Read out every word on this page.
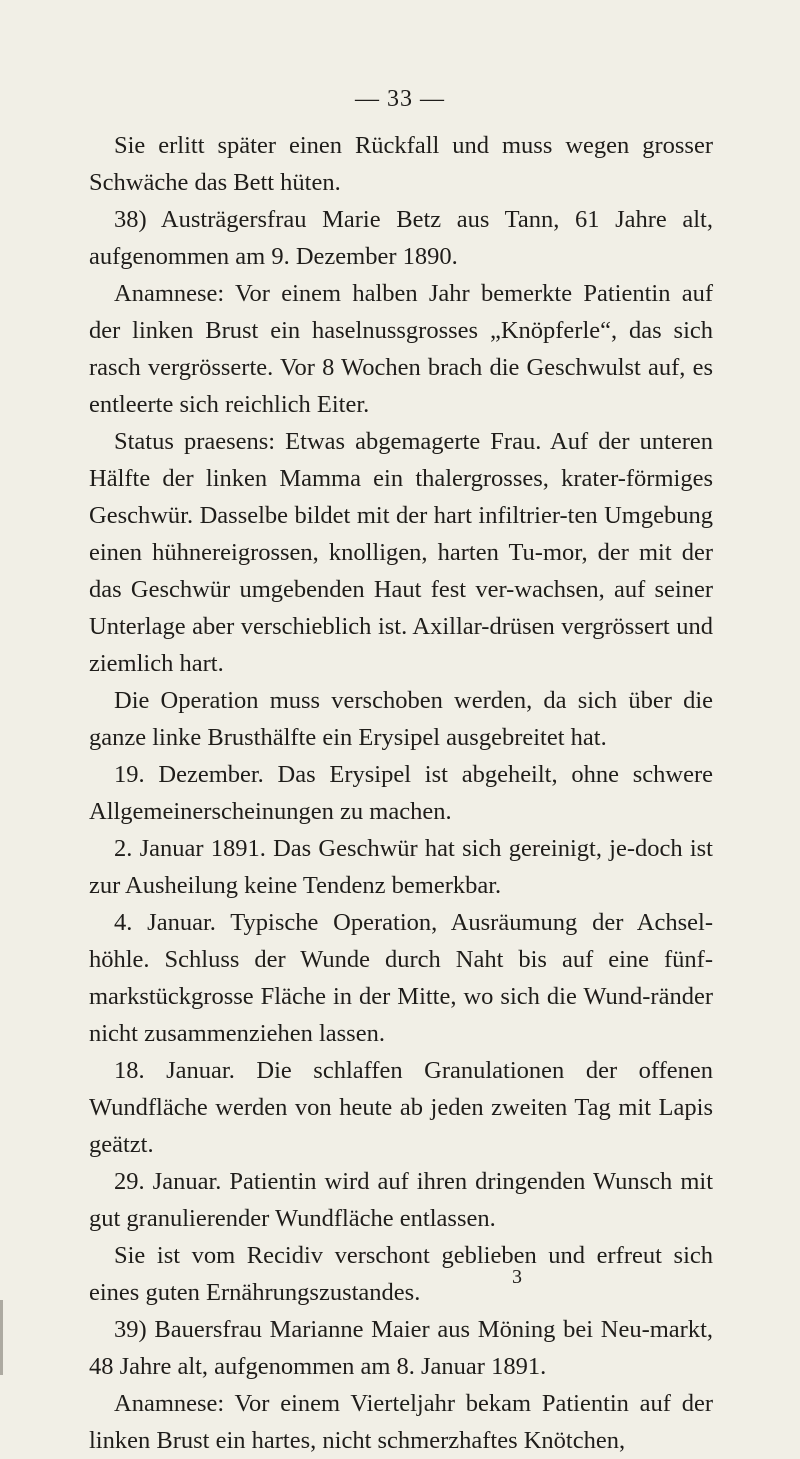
— 33 —

Sie erlitt später einen Rückfall und muss wegen grosser Schwäche das Bett hüten.

38) Austrägersfrau Marie Betz aus Tann, 61 Jahre alt, aufgenommen am 9. Dezember 1890.

Anamnese: Vor einem halben Jahr bemerkte Patientin auf der linken Brust ein haselnussgrosses „Knöpferle“, das sich rasch vergrösserte. Vor 8 Wochen brach die Geschwulst auf, es entleerte sich reichlich Eiter.

Status praesens: Etwas abgemagerte Frau. Auf der unteren Hälfte der linken Mamma ein thalergrosses, krater-förmiges Geschwür. Dasselbe bildet mit der hart infiltrier-ten Umgebung einen hühnereigrossen, knolligen, harten Tu-mor, der mit der das Geschwür umgebenden Haut fest ver-wachsen, auf seiner Unterlage aber verschieblich ist. Axillar-drüsen vergrössert und ziemlich hart.

Die Operation muss verschoben werden, da sich über die ganze linke Brusthälfte ein Erysipel ausgebreitet hat.

19. Dezember. Das Erysipel ist abgeheilt, ohne schwere Allgemeinerscheinungen zu machen.

2. Januar 1891. Das Geschwür hat sich gereinigt, je-doch ist zur Ausheilung keine Tendenz bemerkbar.

4. Januar. Typische Operation, Ausräumung der Achsel-höhle. Schluss der Wunde durch Naht bis auf eine fünf-markstückgrosse Fläche in der Mitte, wo sich die Wund-ränder nicht zusammenziehen lassen.

18. Januar. Die schlaffen Granulationen der offenen Wundfläche werden von heute ab jeden zweiten Tag mit Lapis geätzt.

29. Januar. Patientin wird auf ihren dringenden Wunsch mit gut granulierender Wundfläche entlassen.

Sie ist vom Recidiv verschont geblieben und erfreut sich eines guten Ernährungszustandes.

39) Bauersfrau Marianne Maier aus Möning bei Neu-markt, 48 Jahre alt, aufgenommen am 8. Januar 1891.

Anamnese: Vor einem Vierteljahr bekam Patientin auf der linken Brust ein hartes, nicht schmerzhaftes Knötchen,

3
